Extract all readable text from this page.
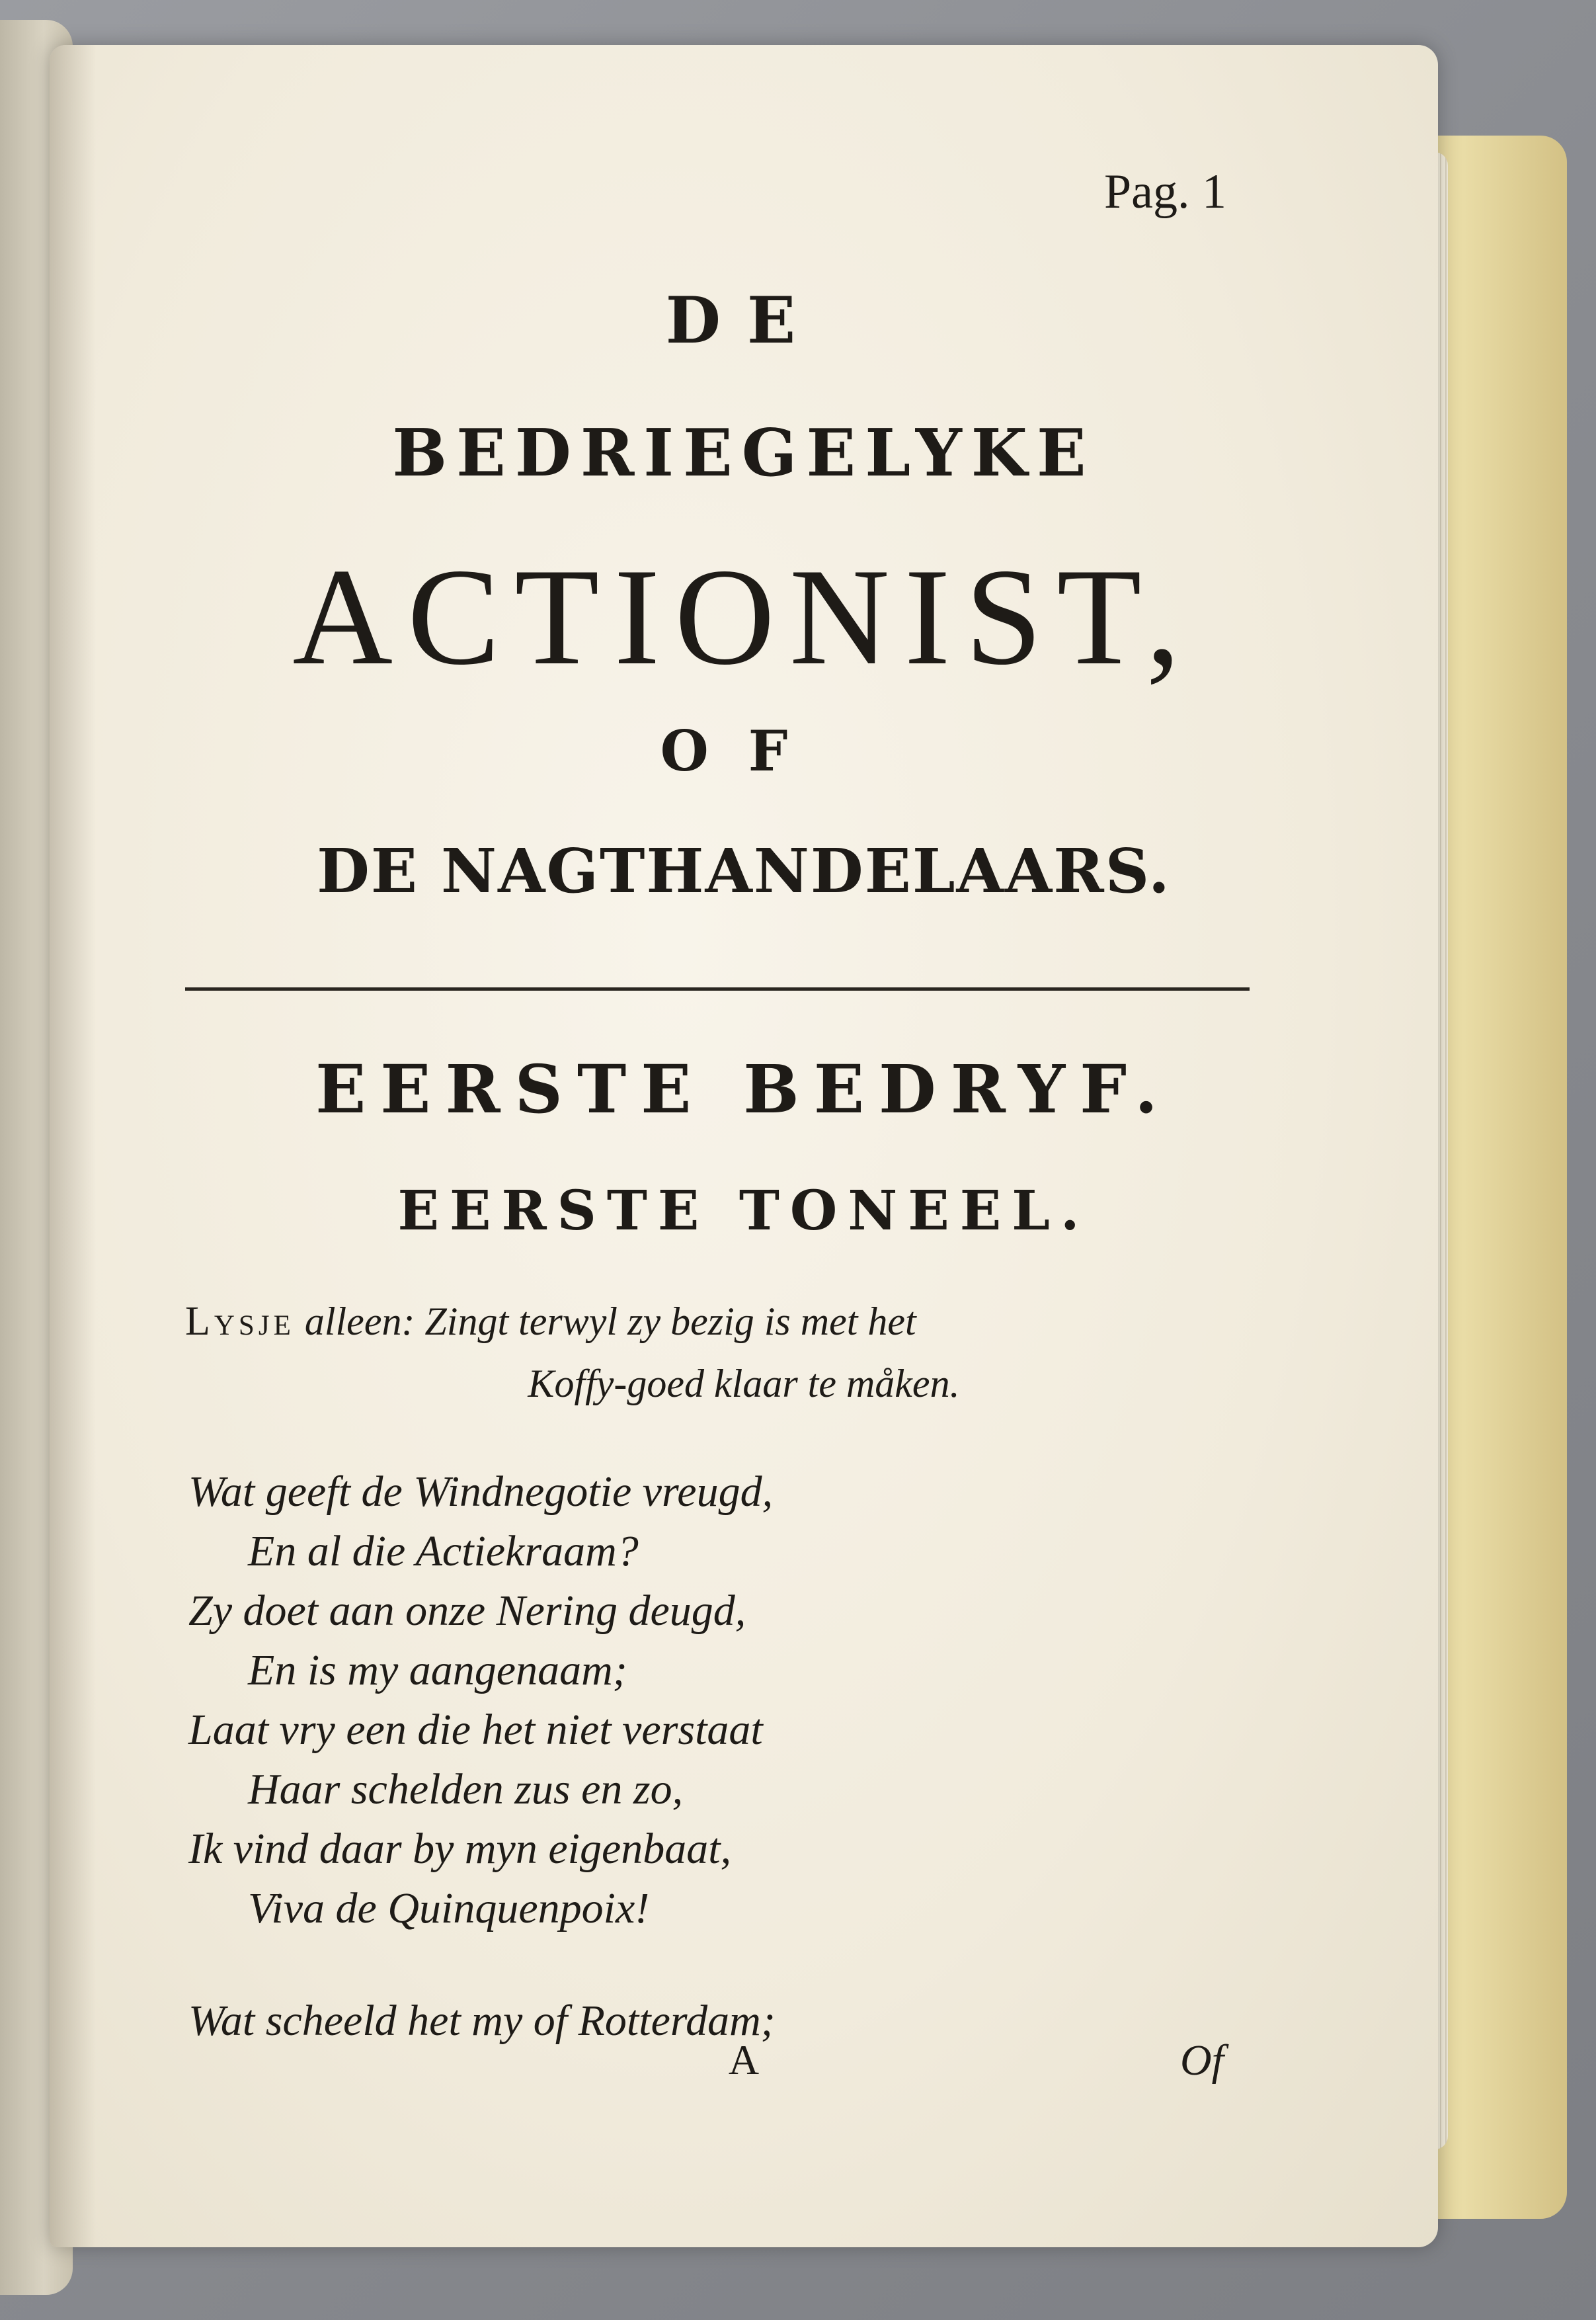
Pag. 1
DE
BEDRIEGELYKE
ACTIONIST,
OF
DE NAGTHANDELAARS.
EERSTE BEDRYF.
EERSTE TONEEL.
Lysje alleen: Zingt terwyl zy bezig is met het
Koffy-goed klaar te måken.
Wat geeft de Windnegotie vreugd,
En al die Actiekraam?
Zy doet aan onze Nering deugd,
En is my aangenaam;
Laat vry een die het niet verstaat
Haar schelden zus en zo,
Ik vind daar by myn eigenbaat,
Viva de Quinquenpoix!
Wat scheeld het my of Rotterdam;
A	Of
